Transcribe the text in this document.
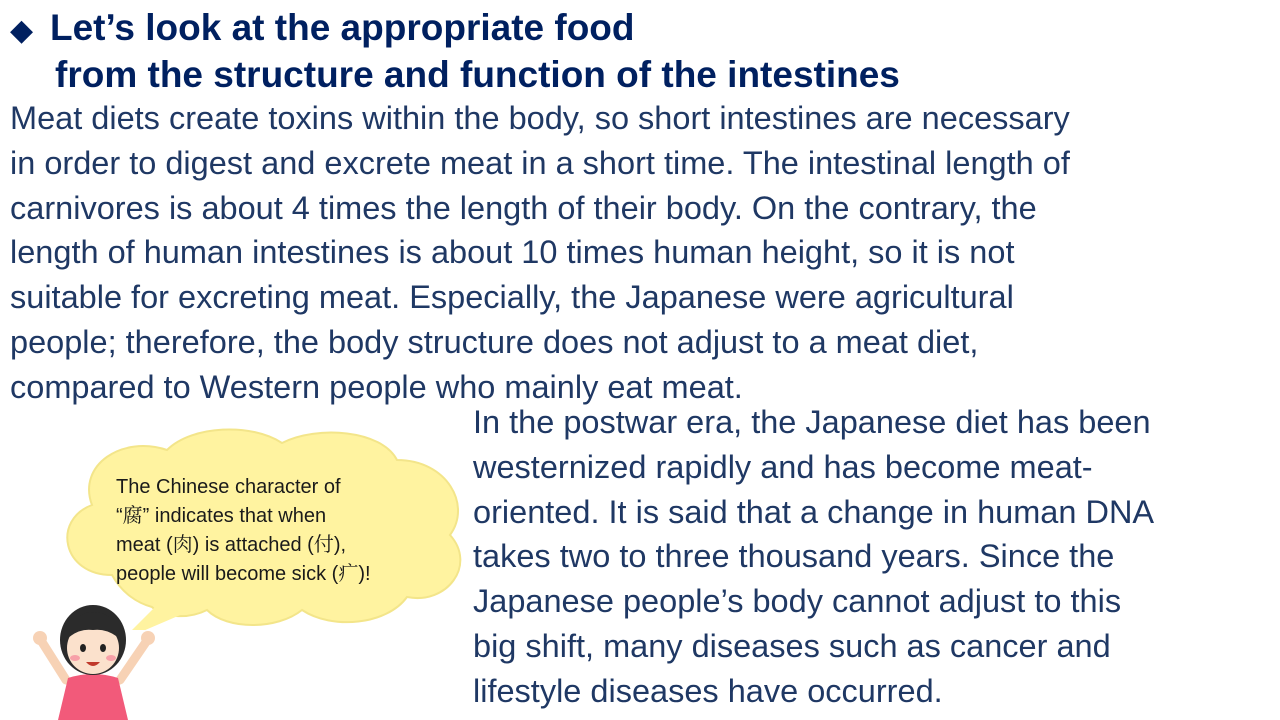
◆ Let’s look at the appropriate food
from the structure and function of the intestines
Meat diets create toxins within the body, so short intestines are necessary
in order to digest and excrete meat in a short time. The intestinal length of
carnivores is about 4 times the length of their body. On the contrary, the
length of human intestines is about 10 times human height, so it is not
suitable for excreting meat. Especially, the Japanese were agricultural
people; therefore, the body structure does not adjust to a meat diet,
compared to Western people who mainly eat meat.
In the postwar era, the Japanese diet has been
westernized rapidly and has become meat-
oriented. It is said that a change in human DNA
takes two to three thousand years. Since the
Japanese people’s body cannot adjust to this
big shift, many diseases such as cancer and
lifestyle diseases have occurred.
The Chinese character of
“腐” indicates that when
meat (肉) is attached (付),
people will become sick (疒)!
